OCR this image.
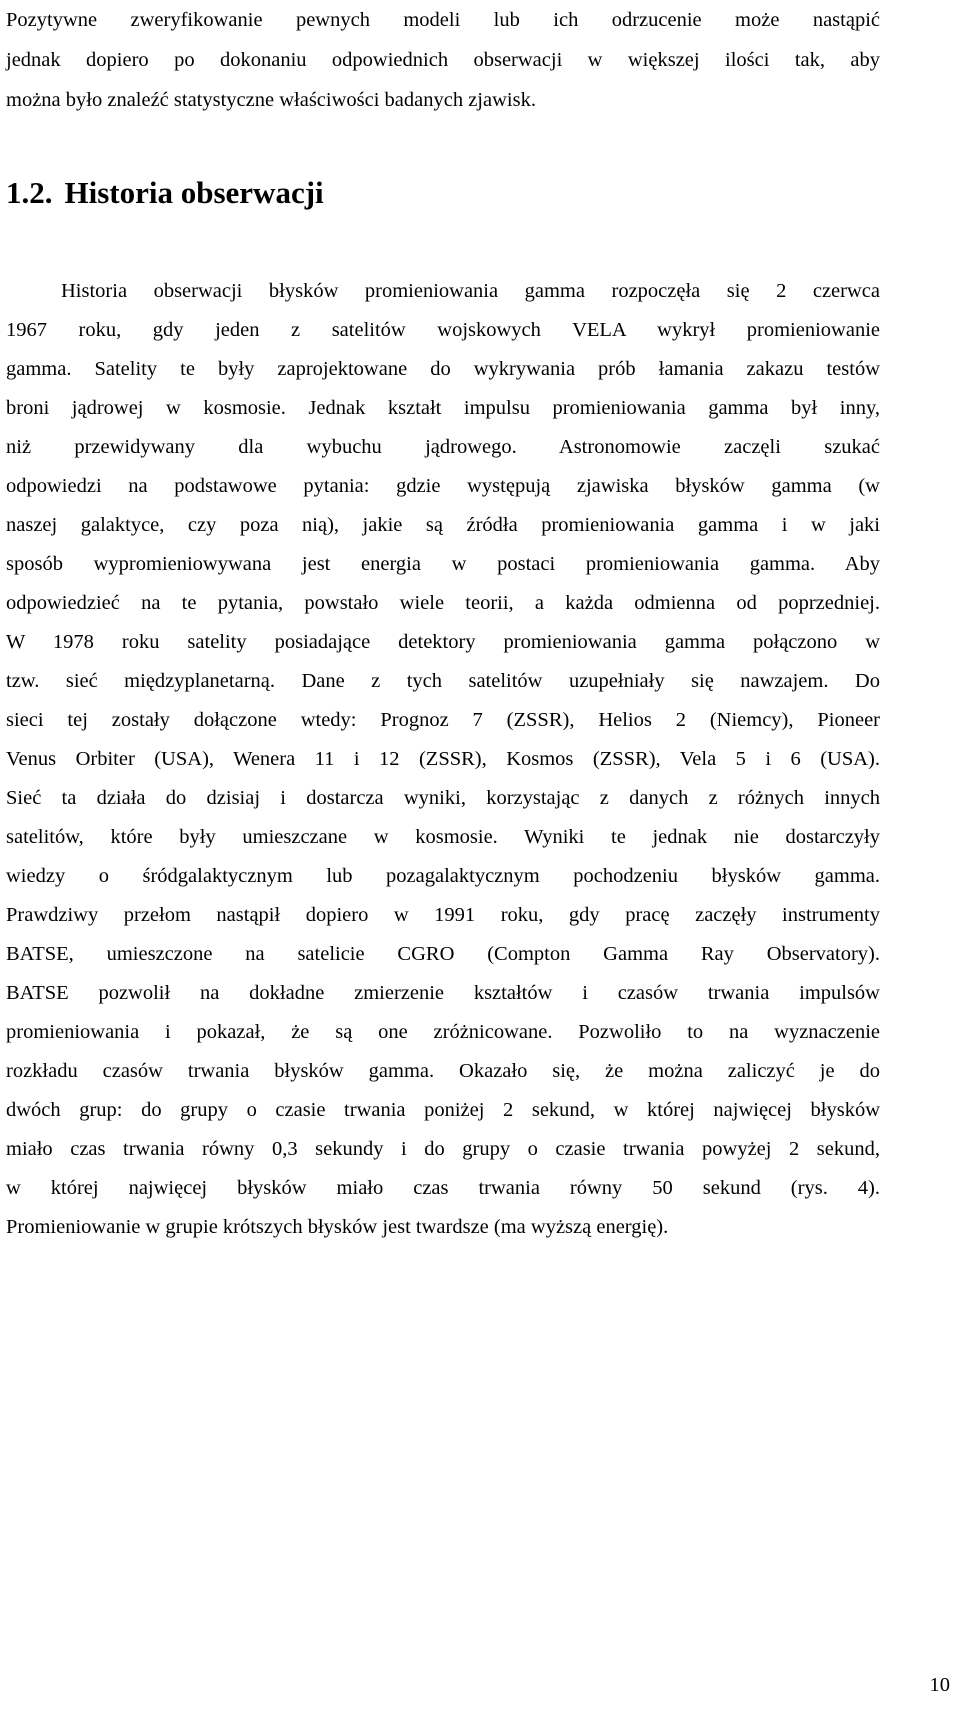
Pozytywne zweryfikowanie pewnych modeli lub ich odrzucenie może nastąpić
jednak dopiero po dokonaniu odpowiednich obserwacji w większej ilości tak, aby
można było znaleźć statystyczne właściwości badanych zjawisk.
1.2. Historia obserwacji
Historia obserwacji błysków promieniowania gamma rozpoczęła się 2 czerwca
1967 roku, gdy jeden z satelitów wojskowych VELA wykrył promieniowanie
gamma. Satelity te były zaprojektowane do wykrywania prób łamania zakazu testów
broni jądrowej w kosmosie. Jednak kształt impulsu promieniowania gamma był inny,
niż przewidywany dla wybuchu jądrowego. Astronomowie zaczęli szukać
odpowiedzi na podstawowe pytania: gdzie występują zjawiska błysków gamma (w
naszej galaktyce, czy poza nią), jakie są źródła promieniowania gamma i w jaki
sposób wypromieniowywana jest energia w postaci promieniowania gamma. Aby
odpowiedzieć na te pytania, powstało wiele teorii, a każda odmienna od poprzedniej.
W 1978 roku satelity posiadające detektory promieniowania gamma połączono w
tzw. sieć międzyplanetarną. Dane z tych satelitów uzupełniały się nawzajem. Do
sieci tej zostały dołączone wtedy: Prognoz 7 (ZSSR), Helios 2 (Niemcy), Pioneer
Venus Orbiter (USA), Wenera 11 i 12 (ZSSR), Kosmos (ZSSR), Vela 5 i 6 (USA).
Sieć ta działa do dzisiaj i dostarcza wyniki, korzystając z danych z różnych innych
satelitów, które były umieszczane w kosmosie. Wyniki te jednak nie dostarczyły
wiedzy o śródgalaktycznym lub pozagalaktycznym pochodzeniu błysków gamma.
Prawdziwy przełom nastąpił dopiero w 1991 roku, gdy pracę zaczęły instrumenty
BATSE, umieszczone na satelicie CGRO (Compton Gamma Ray Observatory).
BATSE pozwolił na dokładne zmierzenie kształtów i czasów trwania impulsów
promieniowania i pokazał, że są one zróżnicowane. Pozwoliło to na wyznaczenie
rozkładu czasów trwania błysków gamma. Okazało się, że można zaliczyć je do
dwóch grup: do grupy o czasie trwania poniżej 2 sekund, w której najwięcej błysków
miało czas trwania równy 0,3 sekundy i do grupy o czasie trwania powyżej 2 sekund,
w której najwięcej błysków miało czas trwania równy 50 sekund (rys. 4).
Promieniowanie w grupie krótszych błysków jest twardsze (ma wyższą energię).
10
